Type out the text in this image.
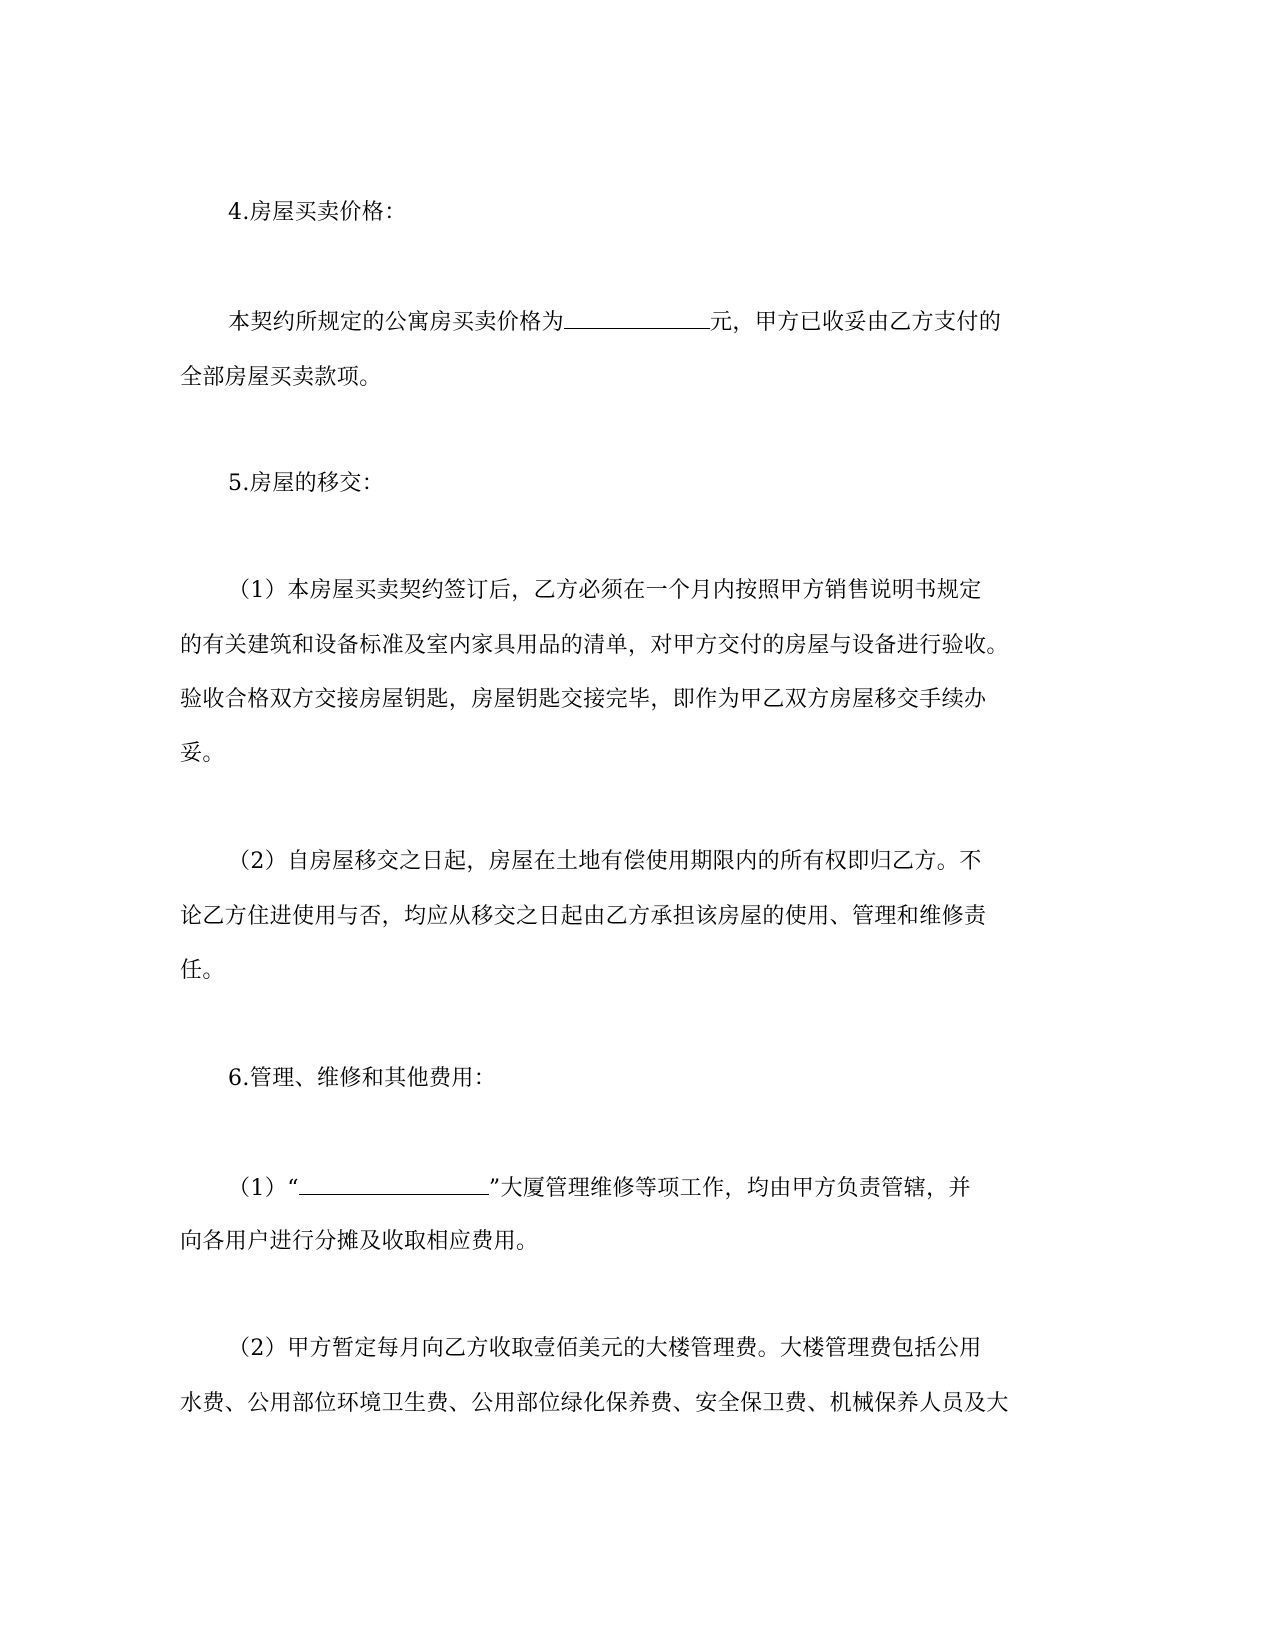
4.房屋买卖价格：
本契约所规定的公寓房买卖价格为	元，甲方已收妥由乙方支付的
全部房屋买卖款项。
5.房屋的移交：
（1）本房屋买卖契约签订后，乙方必须在一个月内按照甲方销售说明书规定
的有关建筑和设备标准及室内家具用品的清单，对甲方交付的房屋与设备进行验收。
验收合格双方交接房屋钥匙，房屋钥匙交接完毕，即作为甲乙双方房屋移交手续办
妥。
（2）自房屋移交之日起，房屋在土地有偿使用期限内的所有权即归乙方。不
论乙方住进使用与否，均应从移交之日起由乙方承担该房屋的使用、管理和维修责
任。
6.管理、维修和其他费用：
（1）“	”大厦管理维修等项工作，均由甲方负责管辖，并
向各用户进行分摊及收取相应费用。
（2）甲方暂定每月向乙方收取壹佰美元的大楼管理费。大楼管理费包括公用
水费、公用部位环境卫生费、公用部位绿化保养费、安全保卫费、机械保养人员及大
